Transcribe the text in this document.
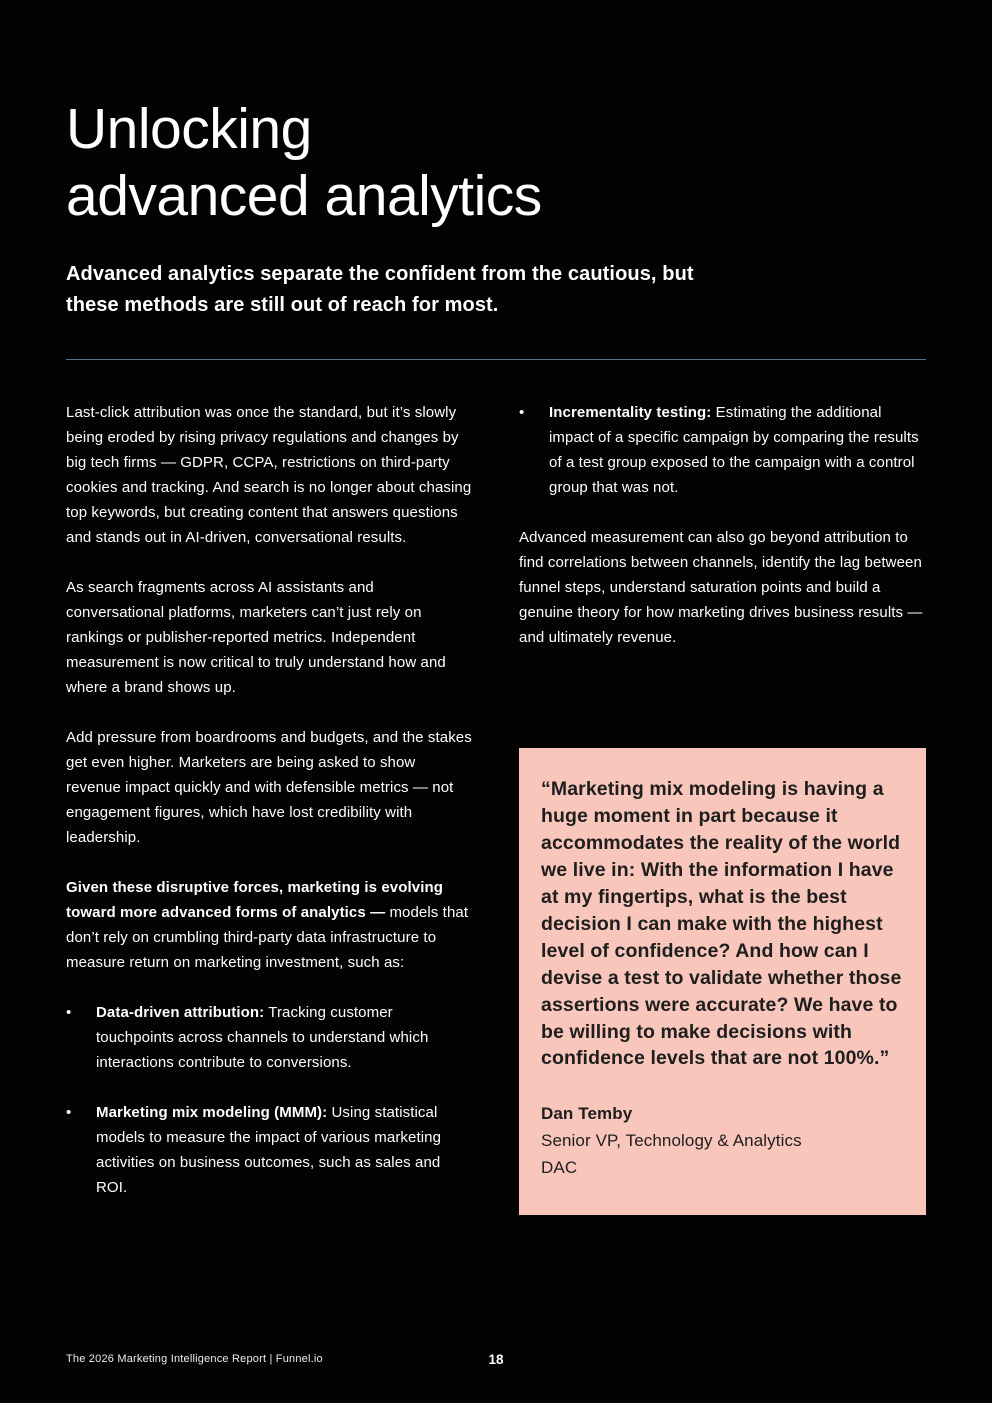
Unlocking
advanced analytics

Advanced analytics separate the confident from the cautious, but these methods are still out of reach for most.

Last-click attribution was once the standard, but it’s slowly being eroded by rising privacy regulations and changes by big tech firms — GDPR, CCPA, restrictions on third-party cookies and tracking. And search is no longer about chasing top keywords, but creating content that answers questions and stands out in AI-driven, conversational results.

As search fragments across AI assistants and conversational platforms, marketers can’t just rely on rankings or publisher-reported metrics. Independent measurement is now critical to truly understand how and where a brand shows up.

Add pressure from boardrooms and budgets, and the stakes get even higher. Marketers are being asked to show revenue impact quickly and with defensible metrics — not engagement figures, which have lost credibility with leadership.

Given these disruptive forces, marketing is evolving toward more advanced forms of analytics — models that don’t rely on crumbling third-party data infrastructure to measure return on marketing investment, such as:

•	Data-driven attribution: Tracking customer touchpoints across channels to understand which interactions contribute to conversions.

•	Marketing mix modeling (MMM): Using statistical models to measure the impact of various marketing activities on business outcomes, such as sales and ROI.

•	Incrementality testing: Estimating the additional impact of a specific campaign by comparing the results of a test group exposed to the campaign with a control group that was not.

Advanced measurement can also go beyond attribution to find correlations between channels, identify the lag between funnel steps, understand saturation points and build a genuine theory for how marketing drives business results — and ultimately revenue.

“Marketing mix modeling is having a huge moment in part because it accommodates the reality of the world we live in: With the information I have at my fingertips, what is the best decision I can make with the highest level of confidence? And how can I devise a test to validate whether those assertions were accurate? We have to be willing to make decisions with confidence levels that are not 100%.”

Dan Temby

Senior VP, Technology & Analytics

DAC

The 2026 Marketing Intelligence Report | Funnel.io	18
